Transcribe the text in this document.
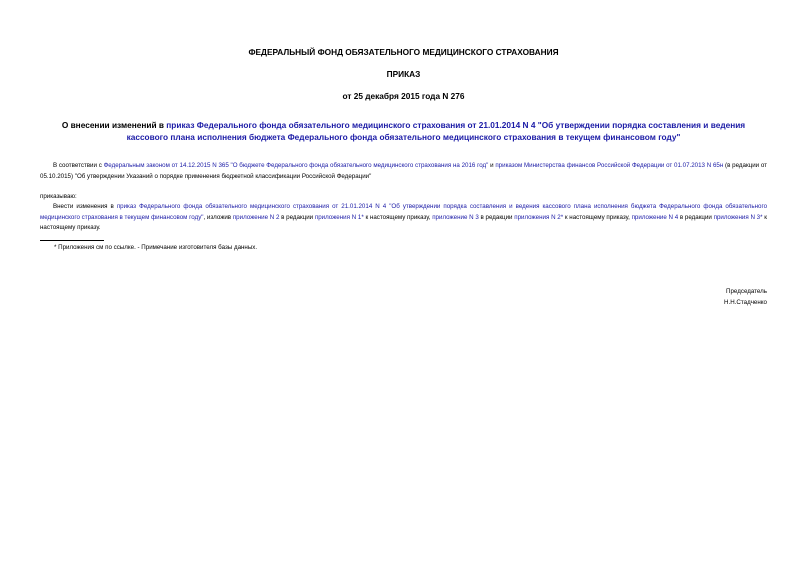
ФЕДЕРАЛЬНЫЙ ФОНД ОБЯЗАТЕЛЬНОГО МЕДИЦИНСКОГО СТРАХОВАНИЯ
ПРИКАЗ
от 25 декабря 2015 года N 276
О внесении изменений в приказ Федерального фонда обязательного медицинского страхования от 21.01.2014 N 4 "Об утверждении порядка составления и ведения кассового плана исполнения бюджета Федерального фонда обязательного медицинского страхования в текущем финансовом году"
В соответствии с Федеральным законом от 14.12.2015 N 365 "О бюджете Федерального фонда обязательного медицинского страхования на 2016 год" и приказом Министерства финансов Российской Федерации от 01.07.2013 N 65н (в редакции от 05.10.2015) "Об утверждении Указаний о порядке применения бюджетной классификации Российской Федерации"
приказываю:
Внести изменения в приказ Федерального фонда обязательного медицинского страхования от 21.01.2014 N 4 "Об утверждении порядка составления и ведения кассового плана исполнения бюджета Федерального фонда обязательного медицинского страхования в текущем финансовом году", изложив приложение N 2 в редакции приложения N 1* к настоящему приказу, приложение N 3 в редакции приложения N 2* к настоящему приказу, приложение N 4 в редакции приложения N 3* к настоящему приказу.
* Приложения см по ссылке. - Примечание изготовителя базы данных.
Председатель
Н.Н.Стадченко
